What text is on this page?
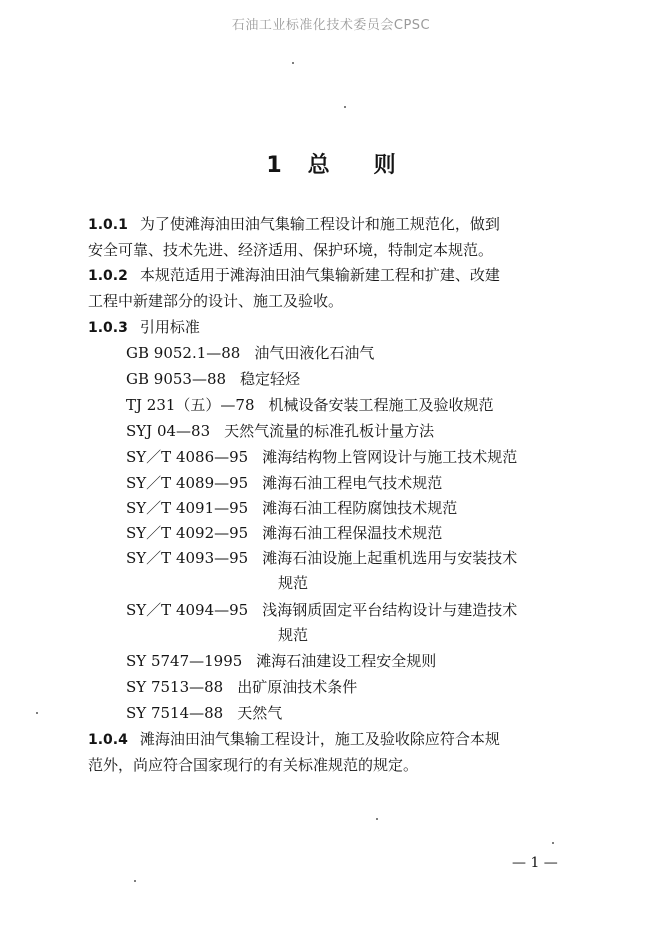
石油工业标准化技术委员会CPSC
1 总 则
1.0.1 为了使滩海油田油气集输工程设计和施工规范化，做到
安全可靠、技术先进、经济适用、保护环境，特制定本规范。
1.0.2 本规范适用于滩海油田油气集输新建工程和扩建、改建
工程中新建部分的设计、施工及验收。
1.0.3 引用标准
GB 9052.1—88 油气田液化石油气
GB 9053—88 稳定轻烃
TJ 231（五）—78 机械设备安装工程施工及验收规范
SYJ 04—83 天然气流量的标准孔板计量方法
SY／T 4086—95 滩海结构物上管网设计与施工技术规范
SY／T 4089—95 滩海石油工程电气技术规范
SY／T 4091—95 滩海石油工程防腐蚀技术规范
SY／T 4092—95 滩海石油工程保温技术规范
SY／T 4093—95 滩海石油设施上起重机选用与安装技术
规范
SY／T 4094—95 浅海钢质固定平台结构设计与建造技术
规范
SY 5747—1995 滩海石油建设工程安全规则
SY 7513—88 出矿原油技术条件
SY 7514—88 天然气
1.0.4 滩海油田油气集输工程设计，施工及验收除应符合本规
范外，尚应符合国家现行的有关标准规范的规定。
— 1 —
